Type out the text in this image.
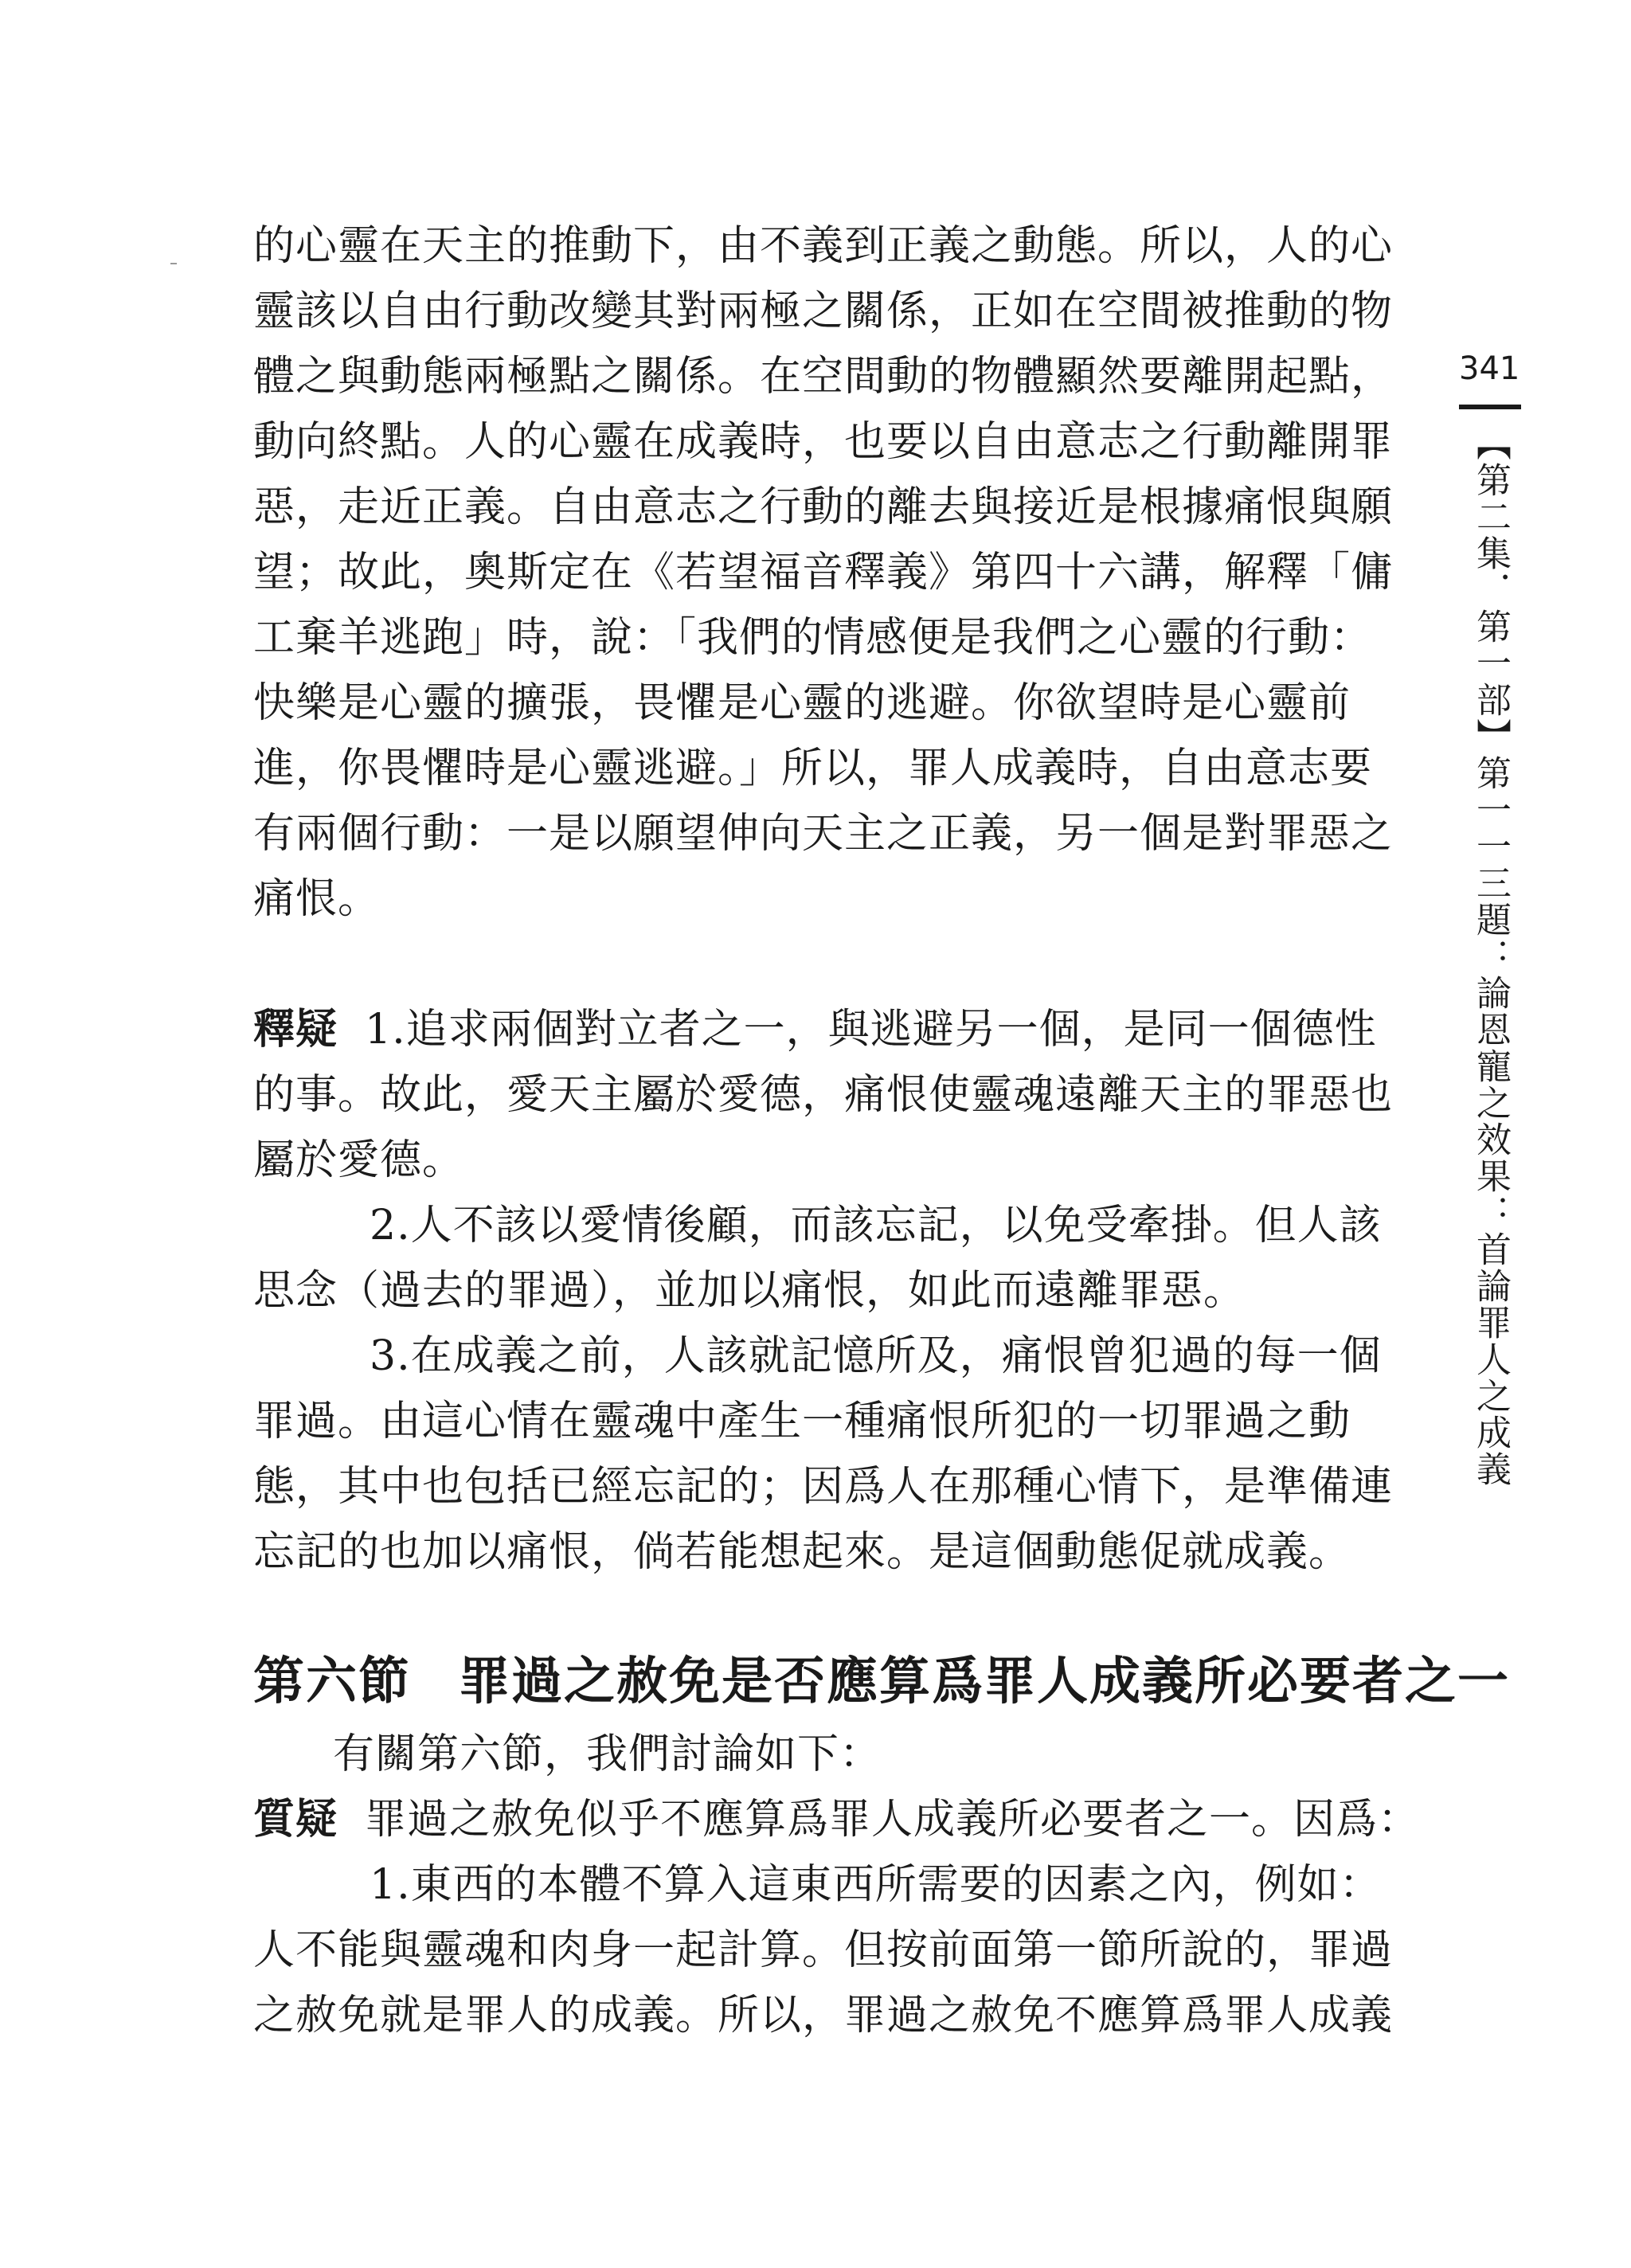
341
【第二集．第一部】第一一三題：論恩寵之效果：首論罪人之成義
的心靈在天主的推動下，由不義到正義之動態。所以，人的心
靈該以自由行動改變其對兩極之關係，正如在空間被推動的物
體之與動態兩極點之關係。在空間動的物體顯然要離開起點，
動向終點。人的心靈在成義時，也要以自由意志之行動離開罪
惡，走近正義。自由意志之行動的離去與接近是根據痛恨與願
望；故此，奧斯定在《若望福音釋義》第四十六講，解釋「傭
工棄羊逃跑」時，說：「我們的情感便是我們之心靈的行動：
快樂是心靈的擴張，畏懼是心靈的逃避。你欲望時是心靈前
進，你畏懼時是心靈逃避。」所以，罪人成義時，自由意志要
有兩個行動：一是以願望伸向天主之正義，另一個是對罪惡之
痛恨。
釋疑 1.追求兩個對立者之一，與逃避另一個，是同一個德性
的事。故此，愛天主屬於愛德，痛恨使靈魂遠離天主的罪惡也
屬於愛德。
2.人不該以愛情後顧，而該忘記，以免受牽掛。但人該
思念（過去的罪過），並加以痛恨，如此而遠離罪惡。
3.在成義之前，人該就記憶所及，痛恨曾犯過的每一個
罪過。由這心情在靈魂中產生一種痛恨所犯的一切罪過之動
態，其中也包括已經忘記的；因爲人在那種心情下，是準備連
忘記的也加以痛恨，倘若能想起來。是這個動態促就成義。
第六節 罪過之赦免是否應算爲罪人成義所必要者之一
有關第六節，我們討論如下：
質疑 罪過之赦免似乎不應算爲罪人成義所必要者之一。因爲：
1.東西的本體不算入這東西所需要的因素之內，例如：
人不能與靈魂和肉身一起計算。但按前面第一節所說的，罪過
之赦免就是罪人的成義。所以，罪過之赦免不應算爲罪人成義
